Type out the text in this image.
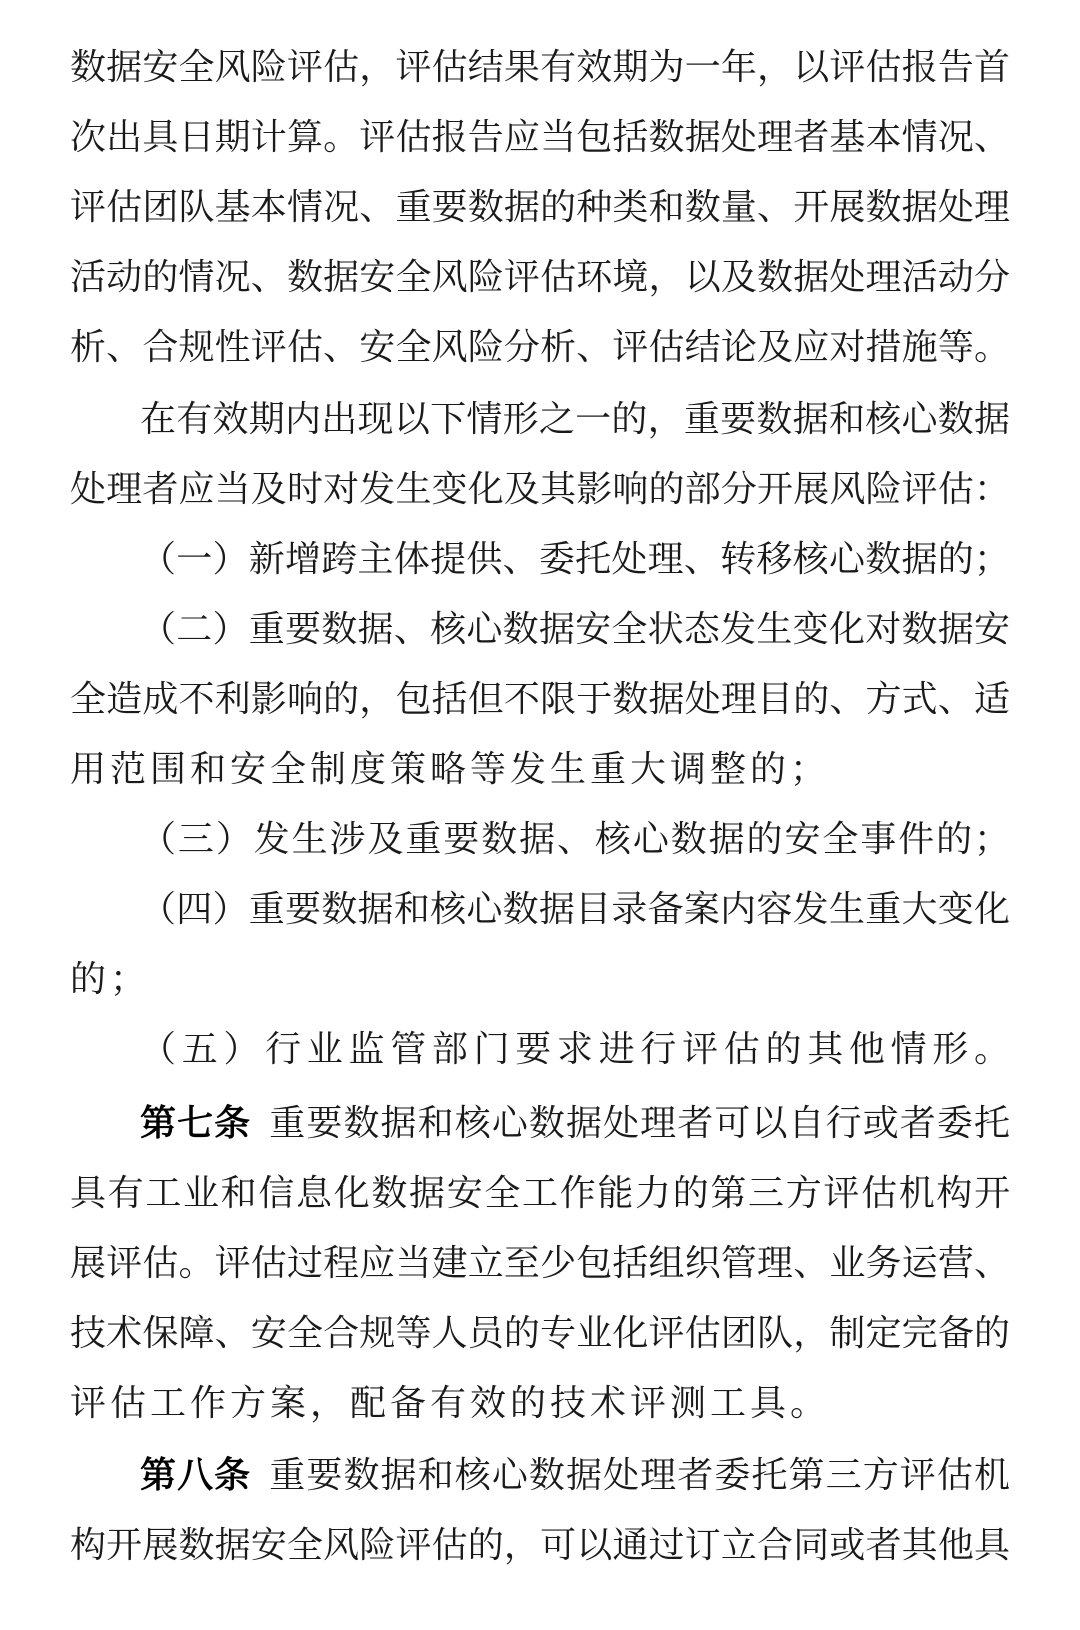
数据安全风险评估，评估结果有效期为一年，以评估报告首
次出具日期计算。评估报告应当包括数据处理者基本情况、
评估团队基本情况、重要数据的种类和数量、开展数据处理
活动的情况、数据安全风险评估环境，以及数据处理活动分
析、合规性评估、安全风险分析、评估结论及应对措施等。
在有效期内出现以下情形之一的，重要数据和核心数据
处理者应当及时对发生变化及其影响的部分开展风险评估：
（一）新增跨主体提供、委托处理、转移核心数据的；
（二）重要数据、核心数据安全状态发生变化对数据安
全造成不利影响的，包括但不限于数据处理目的、方式、适
用范围和安全制度策略等发生重大调整的；
（三）发生涉及重要数据、核心数据的安全事件的；
（四）重要数据和核心数据目录备案内容发生重大变化
的；
（五）行业监管部门要求进行评估的其他情形。
第七条 重要数据和核心数据处理者可以自行或者委托
具有工业和信息化数据安全工作能力的第三方评估机构开
展评估。评估过程应当建立至少包括组织管理、业务运营、
技术保障、安全合规等人员的专业化评估团队，制定完备的
评估工作方案，配备有效的技术评测工具。
第八条 重要数据和核心数据处理者委托第三方评估机
构开展数据安全风险评估的，可以通过订立合同或者其他具
